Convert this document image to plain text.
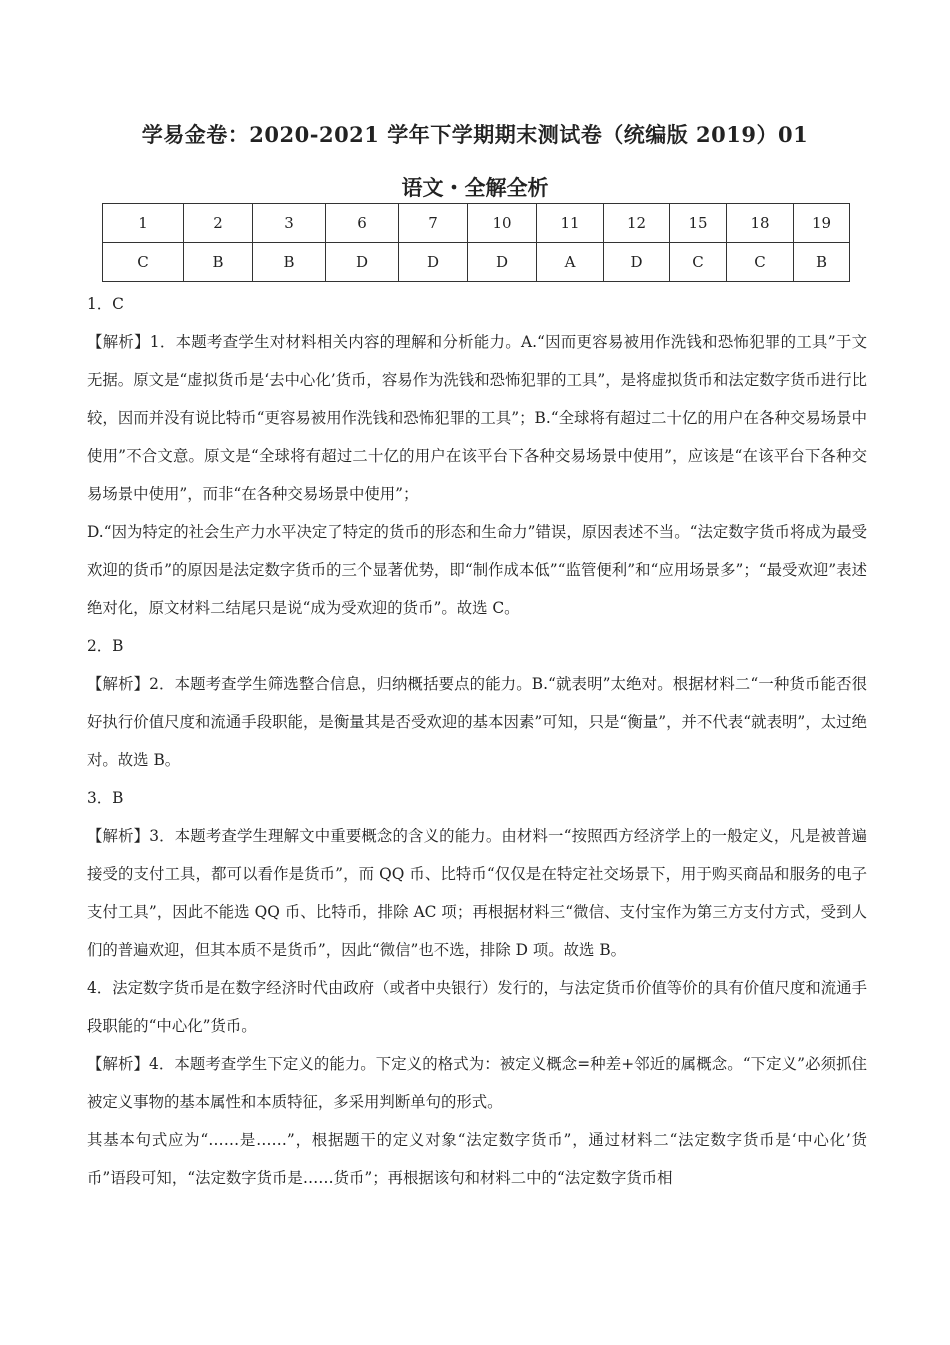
学易金卷：2020-2021 学年下学期期末测试卷（统编版 2019）01
语文・全解全析
1	2	3	6	7	10	11	12	15	18	19
C	B	B	D	D	D	A	D	C	C	B

1．C

【解析】1．本题考查学生对材料相关内容的理解和分析能力。A.“因而更容易被用作洗钱和恐怖犯罪的工具”于文无据。原文是“虚拟货币是‘去中心化’货币，容易作为洗钱和恐怖犯罪的工具”，是将虚拟货币和法定数字货币进行比较，因而并没有说比特币“更容易被用作洗钱和恐怖犯罪的工具”；B.“全球将有超过二十亿的用户在各种交易场景中使用”不合文意。原文是“全球将有超过二十亿的用户在该平台下各种交易场景中使用”，应该是“在该平台下各种交易场景中使用”，而非“在各种交易场景中使用”；

D.“因为特定的社会生产力水平决定了特定的货币的形态和生命力”错误，原因表述不当。“法定数字货币将成为最受欢迎的货币”的原因是法定数字货币的三个显著优势，即“制作成本低”“监管便利”和“应用场景多”；“最受欢迎”表述绝对化，原文材料二结尾只是说“成为受欢迎的货币”。故选 C。

2．B

【解析】2．本题考查学生筛选整合信息，归纳概括要点的能力。B.“就表明”太绝对。根据材料二“一种货币能否很好执行价值尺度和流通手段职能，是衡量其是否受欢迎的基本因素”可知，只是“衡量”，并不代表“就表明”，太过绝对。故选 B。

3．B

【解析】3．本题考查学生理解文中重要概念的含义的能力。由材料一“按照西方经济学上的一般定义，凡是被普遍接受的支付工具，都可以看作是货币”，而 QQ 币、比特币“仅仅是在特定社交场景下，用于购买商品和服务的电子支付工具”，因此不能选 QQ 币、比特币，排除 AC 项；再根据材料三“微信、支付宝作为第三方支付方式，受到人们的普遍欢迎，但其本质不是货币”，因此“微信”也不选，排除 D 项。故选 B。

4．法定数字货币是在数字经济时代由政府（或者中央银行）发行的，与法定货币价值等价的具有价值尺度和流通手段职能的“中心化”货币。

【解析】4．本题考查学生下定义的能力。下定义的格式为：被定义概念=种差+邻近的属概念。“下定义”必须抓住被定义事物的基本属性和本质特征，多采用判断单句的形式。

其基本句式应为“……是……”，根据题干的定义对象“法定数字货币”，通过材料二“法定数字货币是‘中心化’货币”语段可知，“法定数字货币是……货币”；再根据该句和材料二中的“法定数字货币相
